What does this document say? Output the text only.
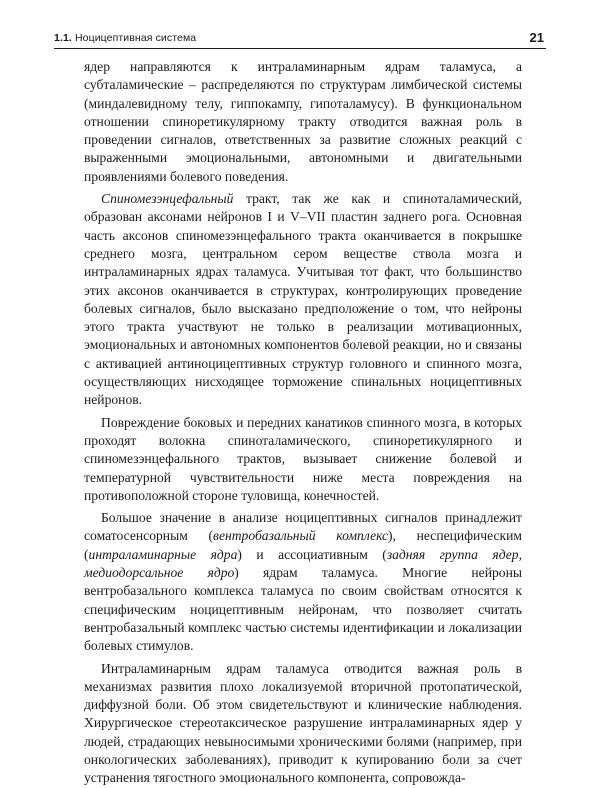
1.1. Ноцицептивная система	21

ядер направляются к интраламинарным ядрам таламуса, а субталамические – распределяются по структурам лимбической системы (миндалевидному телу, гиппокампу, гипоталамусу). В функциональном отношении спиноретикулярному тракту отводится важная роль в проведении сигналов, ответственных за развитие сложных реакций с выраженными эмоциональными, автономными и двигательными проявлениями болевого поведения.

Спиномезэнцефальный тракт, так же как и спиноталамический, образован аксонами нейронов I и V–VII пластин заднего рога. Основная часть аксонов спиномезэнцефального тракта оканчивается в покрышке среднего мозга, центральном сером веществе ствола мозга и интраламинарных ядрах таламуса. Учитывая тот факт, что большинство этих аксонов оканчивается в структурах, контролирующих проведение болевых сигналов, было высказано предположение о том, что нейроны этого тракта участвуют не только в реализации мотивационных, эмоциональных и автономных компонентов болевой реакции, но и связаны с активацией антиноцицептивных структур головного и спинного мозга, осуществляющих нисходящее торможение спинальных ноцицептивных нейронов.

Повреждение боковых и передних канатиков спинного мозга, в которых проходят волокна спиноталамического, спиноретикулярного и спиномезэнцефального трактов, вызывает снижение болевой и температурной чувствительности ниже места повреждения на противоположной стороне туловища, конечностей.

Большое значение в анализе ноцицептивных сигналов принадлежит соматосенсорным (вентробазальный комплекс), неспецифическим (интраламинарные ядра) и ассоциативным (задняя группа ядер, медиодорсальное ядро) ядрам таламуса. Многие нейроны вентробазального комплекса таламуса по своим свойствам относятся к специфическим ноцицептивным нейронам, что позволяет считать вентробазальный комплекс частью системы идентификации и локализации болевых стимулов.

Интраламинарным ядрам таламуса отводится важная роль в механизмах развития плохо локализуемой вторичной протопатической, диффузной боли. Об этом свидетельствуют и клинические наблюдения. Хирургическое стереотаксическое разрушение интраламинарных ядер у людей, страдающих невыносимыми хроническими болями (например, при онкологических заболеваниях), приводит к купированию боли за счет устранения тягостного эмоционального компонента, сопровожда-
